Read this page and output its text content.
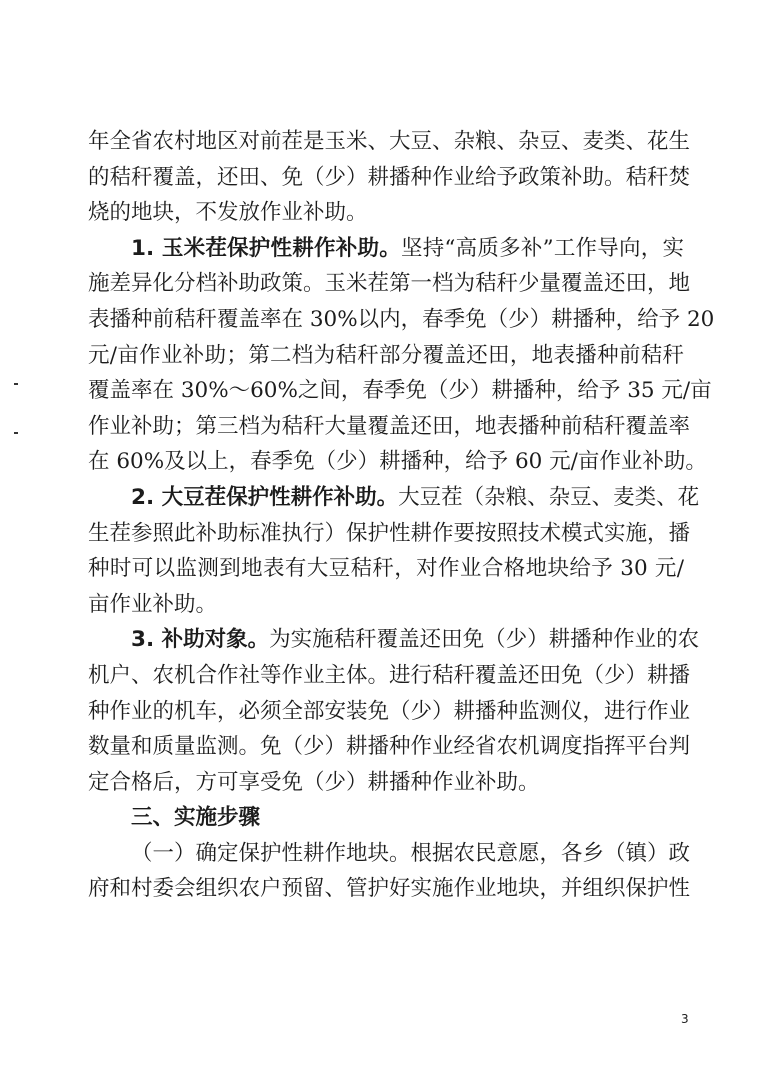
年全省农村地区对前茬是玉米、大豆、杂粮、杂豆、麦类、花生
的秸秆覆盖，还田、免（少）耕播种作业给予政策补助。秸秆焚
烧的地块，不发放作业补助。
1. 玉米茬保护性耕作补助。坚持“高质多补”工作导向，实
施差异化分档补助政策。玉米茬第一档为秸秆少量覆盖还田，地
表播种前秸秆覆盖率在 30%以内，春季免（少）耕播种，给予 20
元/亩作业补助；第二档为秸秆部分覆盖还田，地表播种前秸秆
覆盖率在 30%～60%之间，春季免（少）耕播种，给予 35 元/亩
作业补助；第三档为秸秆大量覆盖还田，地表播种前秸秆覆盖率
在 60%及以上，春季免（少）耕播种，给予 60 元/亩作业补助。
2. 大豆茬保护性耕作补助。大豆茬（杂粮、杂豆、麦类、花
生茬参照此补助标准执行）保护性耕作要按照技术模式实施，播
种时可以监测到地表有大豆秸秆，对作业合格地块给予 30 元/
亩作业补助。
3. 补助对象。为实施秸秆覆盖还田免（少）耕播种作业的农
机户、农机合作社等作业主体。进行秸秆覆盖还田免（少）耕播
种作业的机车，必须全部安装免（少）耕播种监测仪，进行作业
数量和质量监测。免（少）耕播种作业经省农机调度指挥平台判
定合格后，方可享受免（少）耕播种作业补助。
三、实施步骤
（一）确定保护性耕作地块。根据农民意愿，各乡（镇）政
府和村委会组织农户预留、管护好实施作业地块，并组织保护性
3
